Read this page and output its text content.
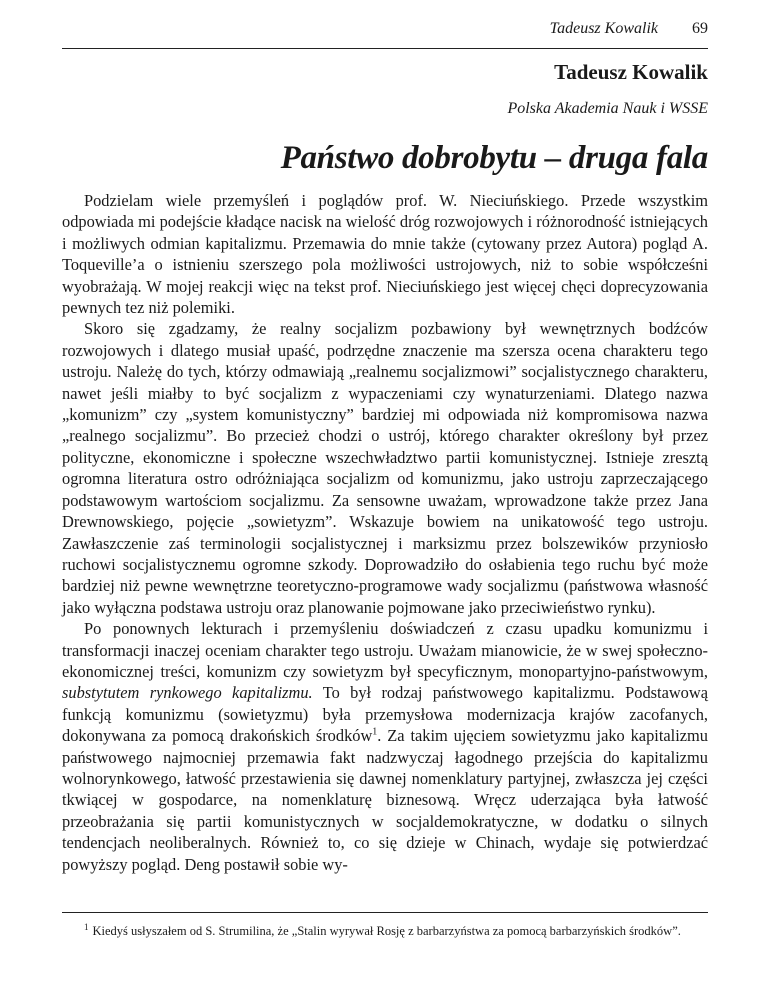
Tadeusz Kowalik 69
Tadeusz Kowalik
Polska Akademia Nauk i WSSE
Państwo dobrobytu – druga fala

Podzielam wiele przemyśleń i poglądów prof. W. Nieciuńskiego. Przede wszystkim odpowiada mi podejście kładące nacisk na wielość dróg rozwojowych i różnorodność istniejących i możliwych odmian kapitalizmu. Przemawia do mnie także (cytowany przez Autora) pogląd A. Toqueville’a o istnieniu szerszego pola możliwości ustrojowych, niż to sobie współcześni wyobrażają. W mojej reakcji więc na tekst prof. Nieciuńskiego jest więcej chęci doprecyzowania pewnych tez niż polemiki.

Skoro się zgadzamy, że realny socjalizm pozbawiony był wewnętrznych bodźców rozwojowych i dlatego musiał upaść, podrzędne znaczenie ma szersza ocena charakteru tego ustroju. Należę do tych, którzy odmawiają „realnemu socjalizmowi” socjalistycznego charakteru, nawet jeśli miałby to być socjalizm z wypaczeniami czy wynaturzeniami. Dlatego nazwa „komunizm” czy „system komunistyczny” bardziej mi odpowiada niż kompromisowa nazwa „realnego socjalizmu”. Bo przecież chodzi o ustrój, którego charakter określony był przez polityczne, ekonomiczne i społeczne wszechwładztwo partii komunistycznej. Istnieje zresztą ogromna literatura ostro odróżniająca socjalizm od komunizmu, jako ustroju zaprzeczającego podstawowym wartościom socjalizmu. Za sensowne uważam, wprowadzone także przez Jana Drewnowskiego, pojęcie „sowietyzm”. Wskazuje bowiem na unikatowość tego ustroju. Zawłaszczenie zaś terminologii socjalistycznej i marksizmu przez bolszewików przyniosło ruchowi socjalistycznemu ogromne szkody. Doprowadziło do osłabienia tego ruchu być może bardziej niż pewne wewnętrzne teoretyczno-programowe wady socjalizmu (państwowa własność jako wyłączna podstawa ustroju oraz planowanie pojmowane jako przeciwieństwo rynku).

Po ponownych lekturach i przemyśleniu doświadczeń z czasu upadku komunizmu i transformacji inaczej oceniam charakter tego ustroju. Uważam mianowicie, że w swej społeczno-ekonomicznej treści, komunizm czy sowietyzm był specyficznym, monopartyjno-państwowym, substytutem rynkowego kapitalizmu. To był rodzaj państwowego kapitalizmu. Podstawową funkcją komunizmu (sowietyzmu) była przemysłowa modernizacja krajów zacofanych, dokonywana za pomocą drakońskich środków$^1$. Za takim ujęciem sowietyzmu jako kapitalizmu państwowego najmocniej przemawia fakt nadzwyczaj łagodnego przejścia do kapitalizmu wolnorynkowego, łatwość przestawienia się dawnej nomenklatury partyjnej, zwłaszcza jej części tkwiącej w gospodarce, na nomenklaturę biznesową. Wręcz uderzająca była łatwość przeobrażania się partii komunistycznych w socjaldemokratyczne, w dodatku o silnych tendencjach neoliberalnych. Również to, co się dzieje w Chinach, wydaje się potwierdzać powyższy pogląd. Deng postawił sobie wy-

$^1$ Kiedyś usłyszałem od S. Strumilina, że „Stalin wyrywał Rosję z barbarzyństwa za pomocą barbarzyńskich środków”.
